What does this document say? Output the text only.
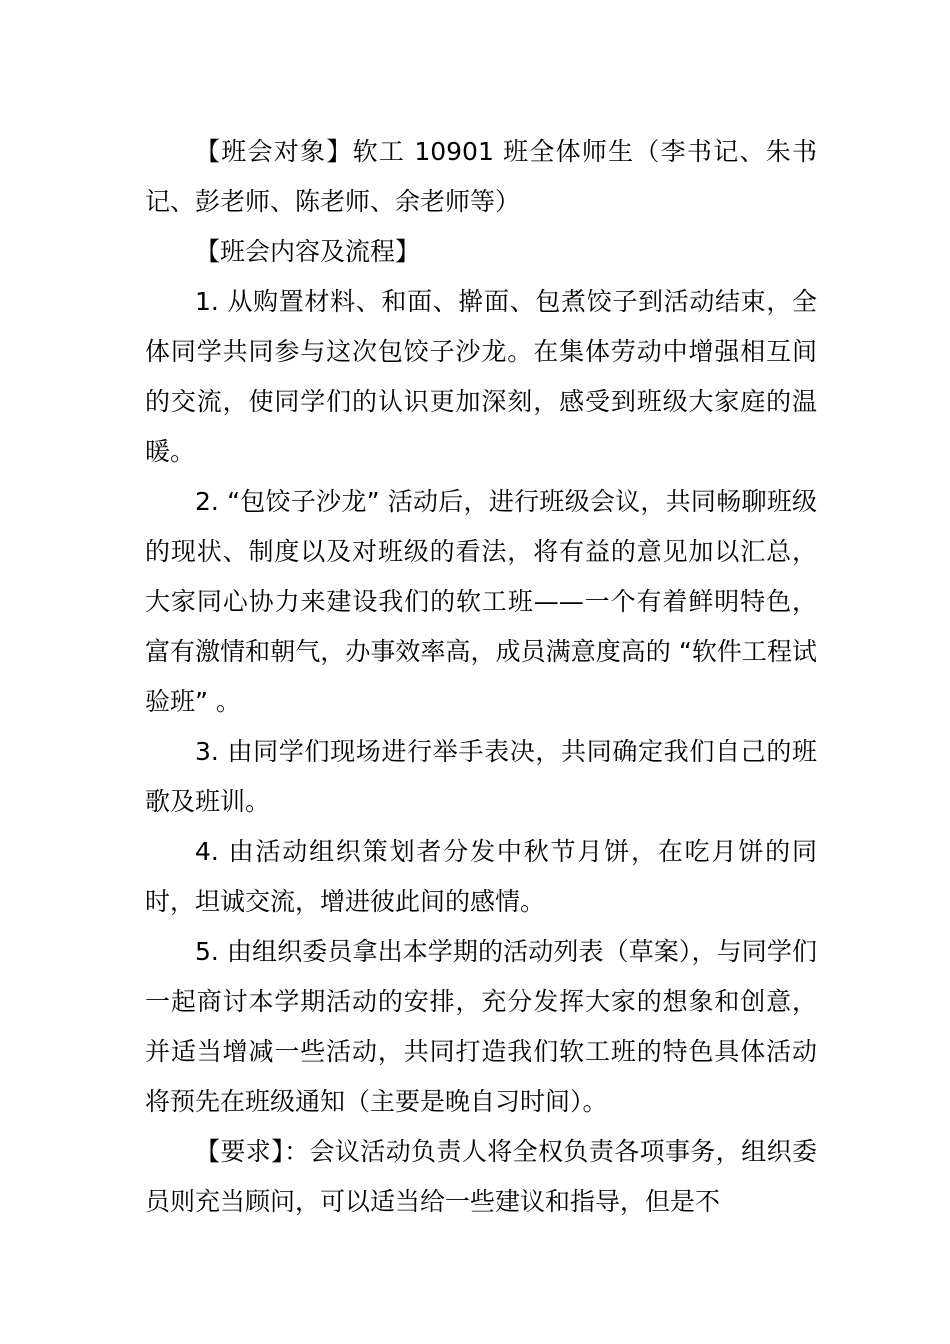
【班会对象】软工 10901 班全体师生（李书记、朱书记、彭老师、陈老师、余老师等）

【班会内容及流程】

1. 从购置材料、和面、擀面、包煮饺子到活动结束，全体同学共同参与这次包饺子沙龙。在集体劳动中增强相互间的交流，使同学们的认识更加深刻，感受到班级大家庭的温暖。

2. “包饺子沙龙” 活动后，进行班级会议，共同畅聊班级的现状、制度以及对班级的看法，将有益的意见加以汇总，大家同心协力来建设我们的软工班——一个有着鲜明特色，富有激情和朝气，办事效率高，成员满意度高的 “软件工程试验班” 。

3. 由同学们现场进行举手表决，共同确定我们自己的班歌及班训。

4. 由活动组织策划者分发中秋节月饼，在吃月饼的同时，坦诚交流，增进彼此间的感情。

5. 由组织委员拿出本学期的活动列表（草案），与同学们一起商讨本学期活动的安排，充分发挥大家的想象和创意，并适当增减一些活动，共同打造我们软工班的特色具体活动将预先在班级通知（主要是晚自习时间）。

【要求】：会议活动负责人将全权负责各项事务，组织委员则充当顾问，可以适当给一些建议和指导，但是不
